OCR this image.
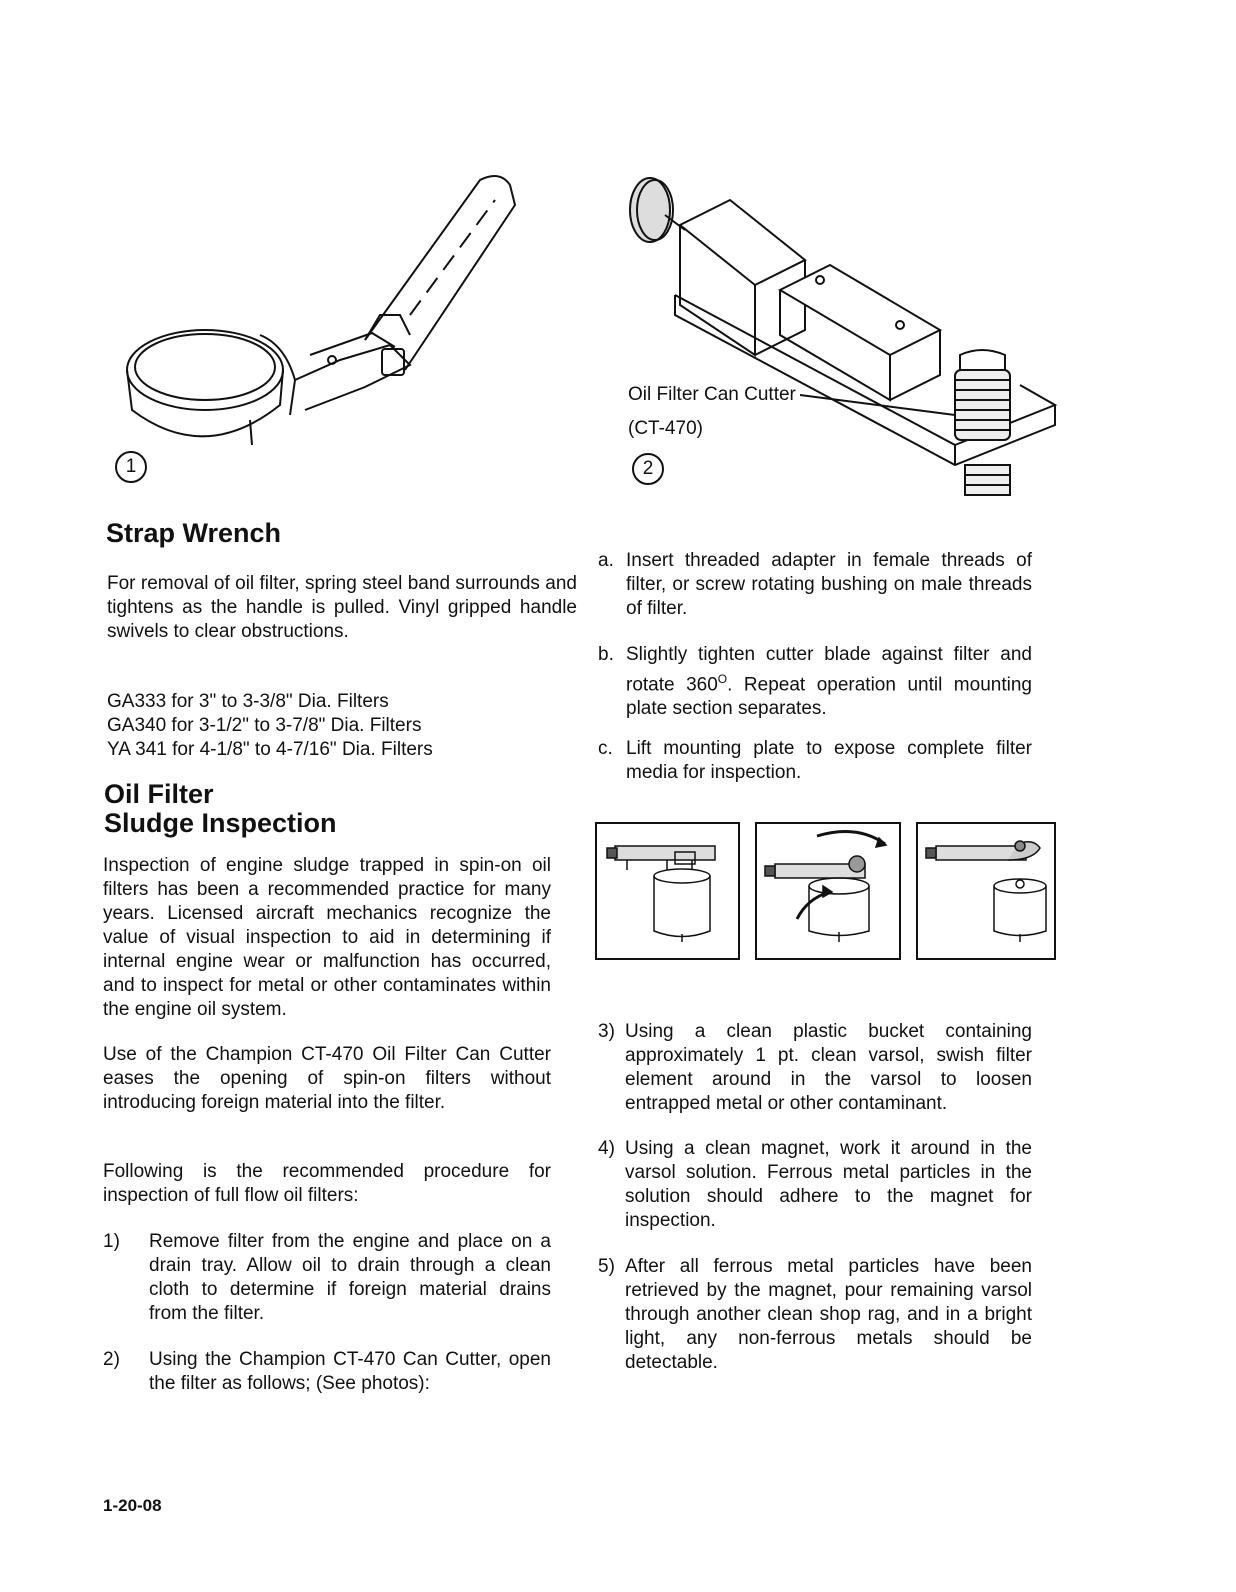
1
Oil Filter Can Cutter
(CT-470)
2
Strap Wrench
For removal of oil filter, spring steel band surrounds and tightens as the handle is pulled. Vinyl gripped handle swivels to clear obstructions.
GA333 for 3" to 3-3/8" Dia. Filters
GA340 for 3-1/2" to 3-7/8" Dia. Filters
YA 341 for 4-1/8" to 4-7/16" Dia. Filters
Oil Filter
Sludge Inspection
Inspection of engine sludge trapped in spin-on oil filters has been a recommended practice for many years. Licensed aircraft mechanics recognize the value of visual inspection to aid in determining if internal engine wear or malfunction has occurred, and to inspect for metal or other contaminates within the engine oil system.
Use of the Champion CT-470 Oil Filter Can Cutter eases the opening of spin-on filters without introducing foreign material into the filter.
Following is the recommended procedure for inspection of full flow oil filters:
1) Remove filter from the engine and place on a drain tray. Allow oil to drain through a clean cloth to determine if foreign material drains from the filter.
2) Using the Champion CT-470 Can Cutter, open the filter as follows; (See photos):
1-20-08
a. Insert threaded adapter in female threads of filter, or screw rotating bushing on male threads of filter.
b. Slightly tighten cutter blade against filter and rotate $360^O$. Repeat operation until mounting plate section separates.
c. Lift mounting plate to expose complete filter media for inspection.
3) Using a clean plastic bucket containing approximately 1 pt. clean varsol, swish filter element around in the varsol to loosen entrapped metal or other contaminant.
4) Using a clean magnet, work it around in the varsol solution. Ferrous metal particles in the solution should adhere to the magnet for inspection.
5) After all ferrous metal particles have been retrieved by the magnet, pour remaining varsol through another clean shop rag, and in a bright light, any non-ferrous metals should be detectable.
